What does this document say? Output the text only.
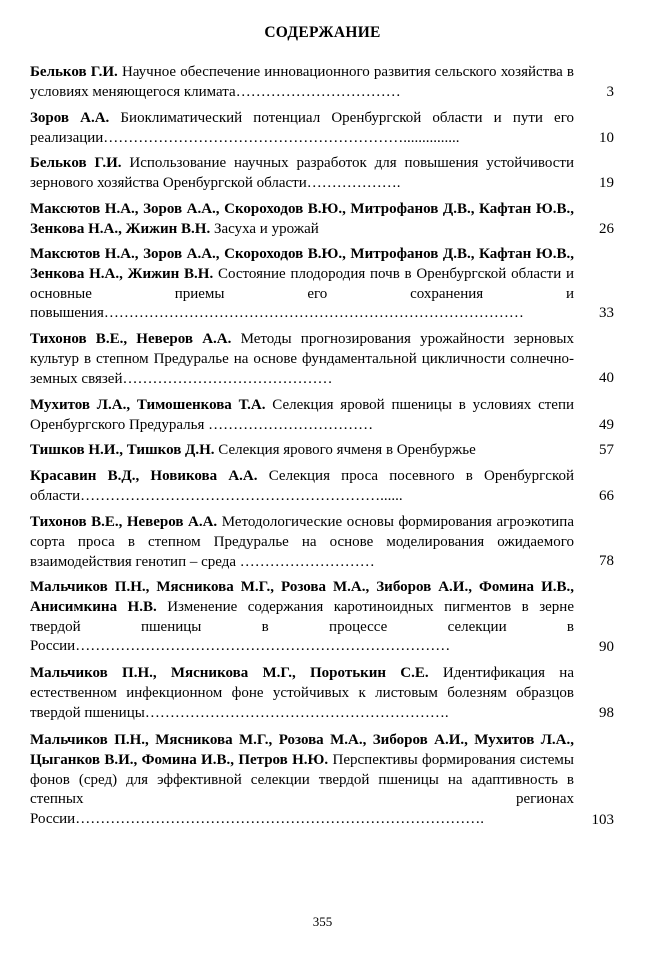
СОДЕРЖАНИЕ

Бельков Г.И. Научное обеспечение инновационного развития сельского хозяйства в условиях меняющегося климата……………………………	3

Зоров А.А. Биоклиматический потенциал Оренбургской области и пути его реализации……………………………………………………...............	10

Бельков Г.И. Использование научных разработок для повышения устойчивости зернового хозяйства Оренбургской области……………….	19

Максютов Н.А., Зоров А.А., Скороходов В.Ю., Митрофанов Д.В., Кафтан Ю.В., Зенкова Н.А., Жижин В.Н. Засуха и урожай	26

Максютов Н.А., Зоров А.А., Скороходов В.Ю., Митрофанов Д.В., Кафтан Ю.В., Зенкова Н.А., Жижин В.Н. Состояние плодородия почв в Оренбургской области и основные приемы его сохранения и повышения…………………………………………………………………………	33

Тихонов В.Е., Неверов А.А. Методы прогнозирования урожайности зерновых культур в степном Предуралье на основе фундаментальной цикличности солнечно-земных связей……………………………………	40

Мухитов Л.А., Тимошенкова Т.А. Селекция яровой пшеницы в условиях степи Оренбургского Предуралья ……………………………	49

Тишков Н.И., Тишков Д.Н. Селекция ярового ячменя в Оренбуржье	57

Красавин В.Д., Новикова А.А. Селекция проса посевного в Оренбургской области……………………………………………………......	66

Тихонов В.Е., Неверов А.А. Методологические основы формирования агроэкотипа сорта проса в степном Предуралье на основе моделирования ожидаемого взаимодействия генотип – среда ………………………	78

Мальчиков П.Н., Мясникова М.Г., Розова М.А., Зиборов А.И., Фомина И.В., Анисимкина Н.В. Изменение содержания каротиноидных пигментов в зерне твердой пшеницы в процессе селекции в России…………………………………………………………………	90

Мальчиков П.Н., Мясникова М.Г., Поротькин С.Е. Идентификация на естественном инфекционном фоне устойчивых к листовым болезням образцов твердой пшеницы…………………………………………………….	98

Мальчиков П.Н., Мясникова М.Г., Розова М.А., Зиборов А.И., Мухитов Л.А., Цыганков В.И., Фомина И.В., Петров Н.Ю. Перспективы формирования системы фонов (сред) для эффективной селекции твердой пшеницы на адаптивность в степных регионах России……………………………………………………………………….	103
355
